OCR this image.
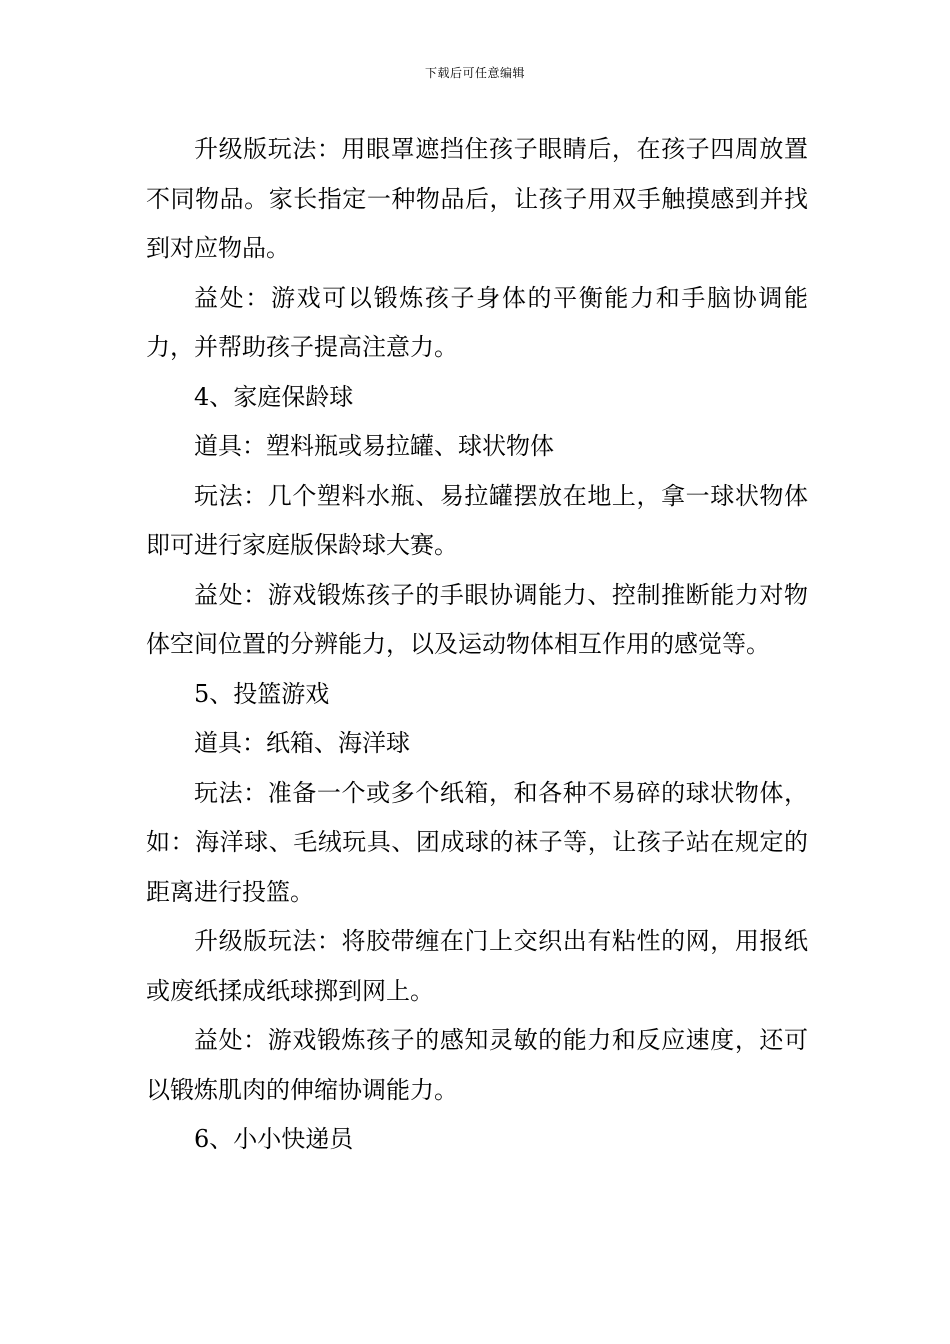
下载后可任意编辑

升级版玩法：用眼罩遮挡住孩子眼睛后，在孩子四周放置不同物品。家长指定一种物品后，让孩子用双手触摸感到并找到对应物品。

益处：游戏可以锻炼孩子身体的平衡能力和手脑协调能力，并帮助孩子提高注意力。

4、家庭保龄球

道具：塑料瓶或易拉罐、球状物体

玩法：几个塑料水瓶、易拉罐摆放在地上，拿一球状物体即可进行家庭版保龄球大赛。

益处：游戏锻炼孩子的手眼协调能力、控制推断能力对物体空间位置的分辨能力，以及运动物体相互作用的感觉等。

5、投篮游戏

道具：纸箱、海洋球

玩法：准备一个或多个纸箱，和各种不易碎的球状物体，如：海洋球、毛绒玩具、团成球的袜子等，让孩子站在规定的距离进行投篮。

升级版玩法：将胶带缠在门上交织出有粘性的网，用报纸或废纸揉成纸球掷到网上。

益处：游戏锻炼孩子的感知灵敏的能力和反应速度，还可以锻炼肌肉的伸缩协调能力。

6、小小快递员
